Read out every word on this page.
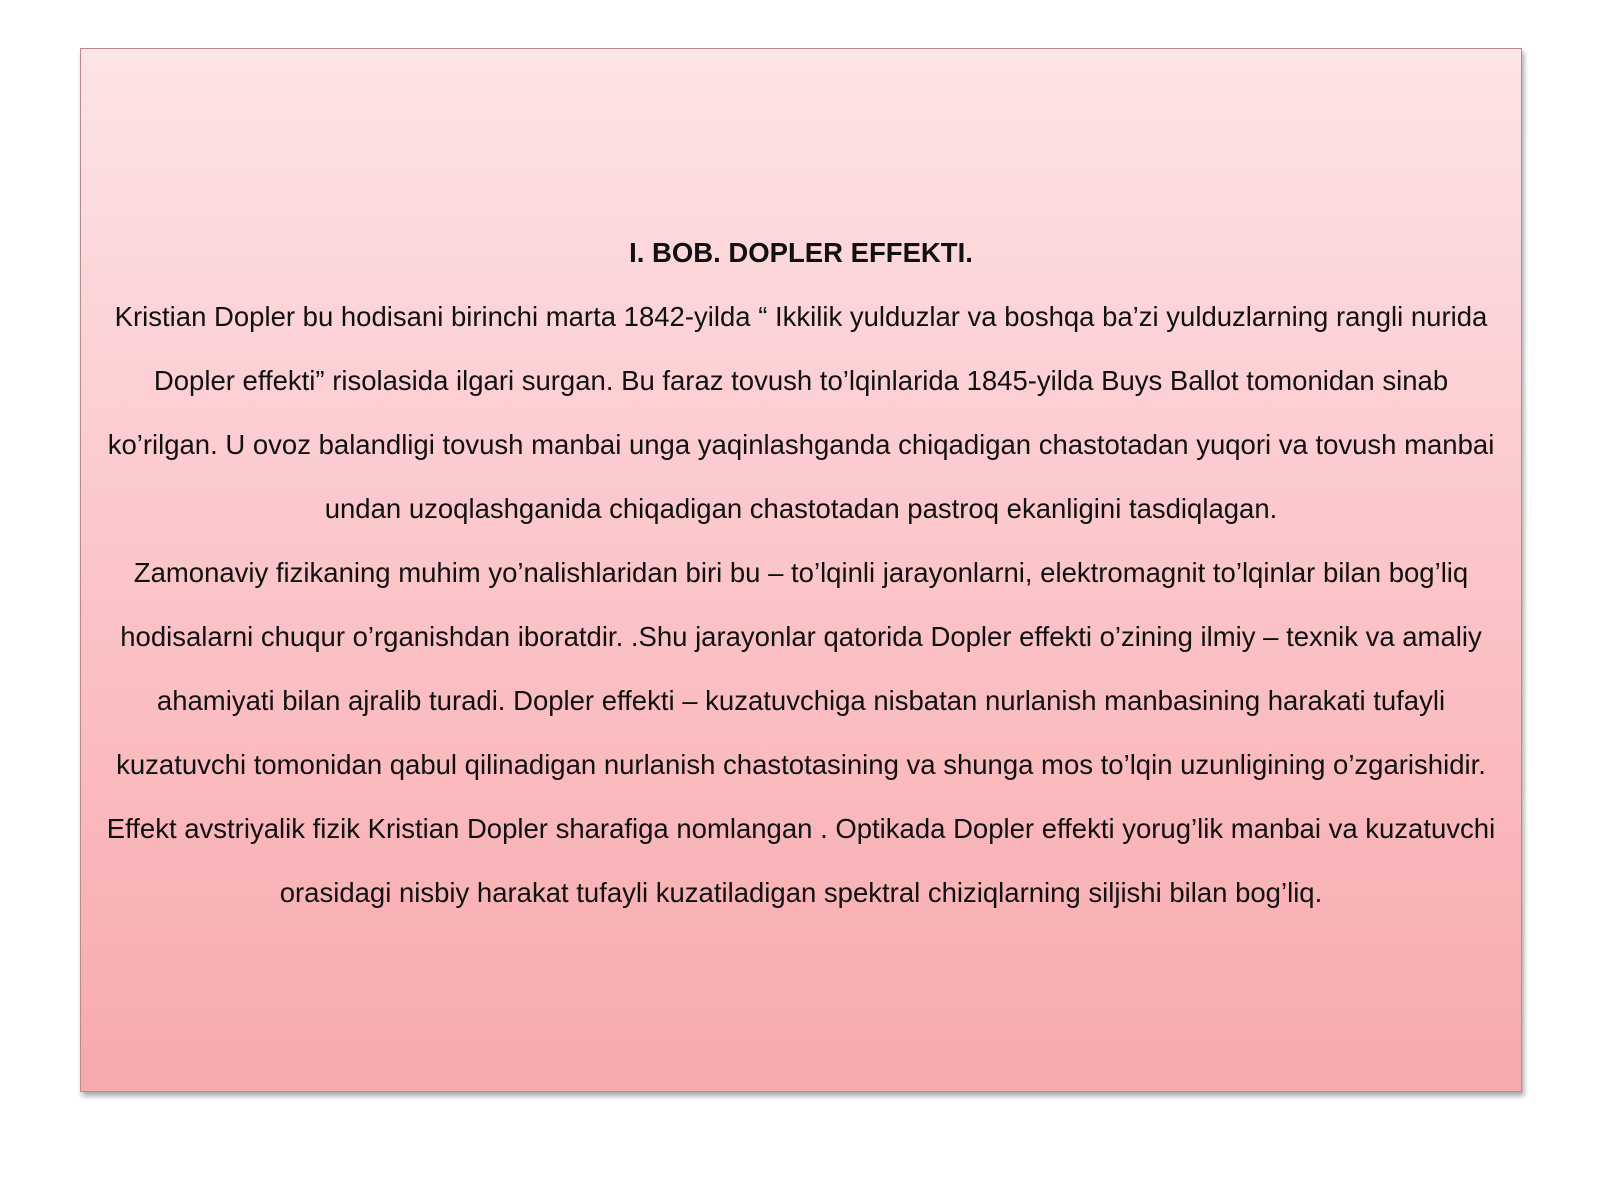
I. BOB. DOPLER EFFEKTI.

Kristian Dopler bu hodisani birinchi marta 1842-yilda “ Ikkilik yulduzlar va boshqa ba’zi yulduzlarning rangli nurida Dopler effekti” risolasida ilgari surgan. Bu faraz tovush to’lqinlarida 1845-yilda Buys Ballot tomonidan sinab ko’rilgan. U ovoz balandligi tovush manbai unga yaqinlashganda chiqadigan chastotadan yuqori va tovush manbai undan uzoqlashganida chiqadigan chastotadan pastroq ekanligini tasdiqlagan.

Zamonaviy fizikaning muhim yo’nalishlaridan biri bu – to’lqinli jarayonlarni, elektromagnit to’lqinlar bilan bog’liq hodisalarni chuqur o’rganishdan iboratdir. .Shu jarayonlar qatorida Dopler effekti o’zining ilmiy – texnik va amaliy ahamiyati bilan ajralib turadi. Dopler effekti – kuzatuvchiga nisbatan nurlanish manbasining harakati tufayli kuzatuvchi tomonidan qabul qilinadigan nurlanish chastotasining va shunga mos to’lqin uzunligining o’zgarishidir. Effekt avstriyalik fizik Kristian Dopler sharafiga nomlangan . Optikada Dopler effekti yorug’lik manbai va kuzatuvchi orasidagi nisbiy harakat tufayli kuzatiladigan spektral chiziqlarning siljishi bilan bog’liq.
